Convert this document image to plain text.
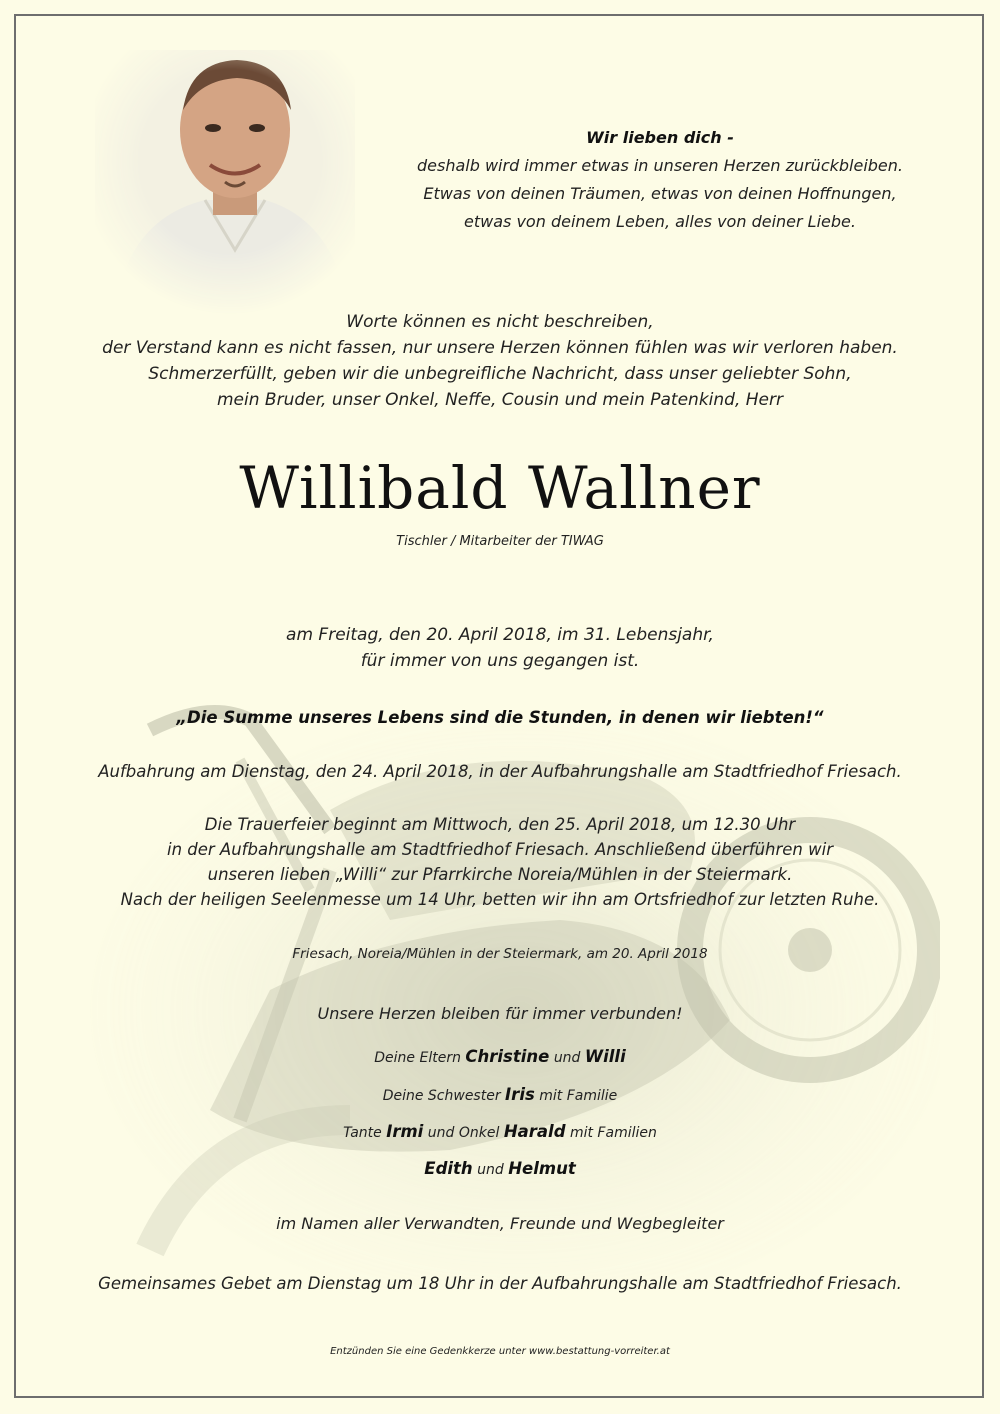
Wir lieben dich -
deshalb wird immer etwas in unseren Herzen zurückbleiben.
Etwas von deinen Träumen, etwas von deinen Hoffnungen,
etwas von deinem Leben, alles von deiner Liebe.
Worte können es nicht beschreiben,
der Verstand kann es nicht fassen, nur unsere Herzen können fühlen was wir verloren haben.
Schmerzerfüllt, geben wir die unbegreifliche Nachricht, dass unser geliebter Sohn,
mein Bruder, unser Onkel, Neffe, Cousin und mein Patenkind, Herr
Willibald Wallner
Tischler / Mitarbeiter der TIWAG
am Freitag, den 20. April 2018, im 31. Lebensjahr,
für immer von uns gegangen ist.
„Die Summe unseres Lebens sind die Stunden, in denen wir liebten!“
Aufbahrung am Dienstag, den 24. April 2018, in der Aufbahrungshalle am Stadtfriedhof Friesach.
Die Trauerfeier beginnt am Mittwoch, den 25. April 2018, um 12.30 Uhr
in der Aufbahrungshalle am Stadtfriedhof Friesach. Anschließend überführen wir
unseren lieben „Willi“ zur Pfarrkirche Noreia/Mühlen in der Steiermark.
Nach der heiligen Seelenmesse um 14 Uhr, betten wir ihn am Ortsfriedhof zur letzten Ruhe.
Friesach, Noreia/Mühlen in der Steiermark, am 20. April 2018
Unsere Herzen bleiben für immer verbunden!
Deine Eltern Christine und Willi
Deine Schwester Iris mit Familie
Tante Irmi und Onkel Harald mit Familien
Edith und Helmut
im Namen aller Verwandten, Freunde und Wegbegleiter
Gemeinsames Gebet am Dienstag um 18 Uhr in der Aufbahrungshalle am Stadtfriedhof Friesach.
Entzünden Sie eine Gedenkkerze unter www.bestattung-vorreiter.at
